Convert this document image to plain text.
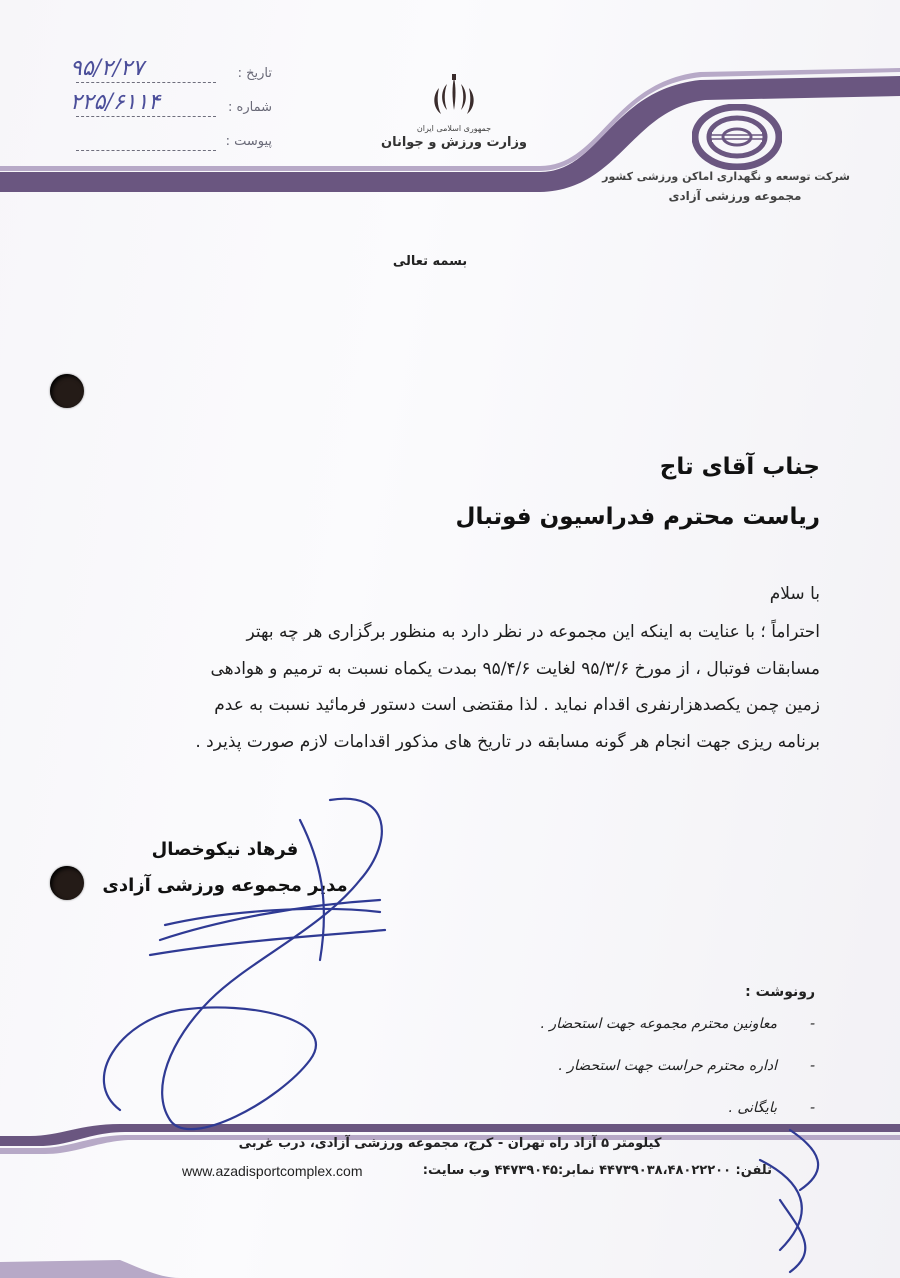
تاریخ :
۹۵/۲/۲۷
شماره :
۲۲۵/۶۱۱۴
پیوست :
جمهوری اسلامی ایران
وزارت ورزش و جوانان
شرکت توسعه و نگهداری اماکن ورزشی کشور
مجموعه ورزشی آزادی
بسمه تعالی
جناب آقای تاج
ریاست محترم فدراسیون فوتبال
با سلام
احتراماً ؛ با عنایت به اینکه این مجموعه در نظر دارد به منظور برگزاری هر چه بهتر
مسابقات فوتبال ، از مورخ ۹۵/۳/۶ لغایت ۹۵/۴/۶ بمدت یکماه نسبت به ترمیم و هوادهی
زمین چمن یکصدهزارنفری اقدام نماید . لذا مقتضی است دستور فرمائید نسبت به عدم
برنامه ریزی جهت انجام هر گونه مسابقه در تاریخ های مذکور اقدامات لازم صورت پذیرد .
فرهاد نیکوخصال
مدیر مجموعه ورزشی آزادی
رونوشت :
-
معاونین محترم مجموعه جهت استحضار .
-
اداره محترم حراست جهت استحضار .
-
بایگانی .
کیلومتر ۵ آزاد راه تهران - کرج، مجموعه ورزشی آزادی، درب غربی
www.azadisportcomplex.com	تلفن: ۴۴۷۳۹۰۳۸،۴۸۰۲۲۲۰۰ نمابر:۴۴۷۳۹۰۴۵ وب سایت:
